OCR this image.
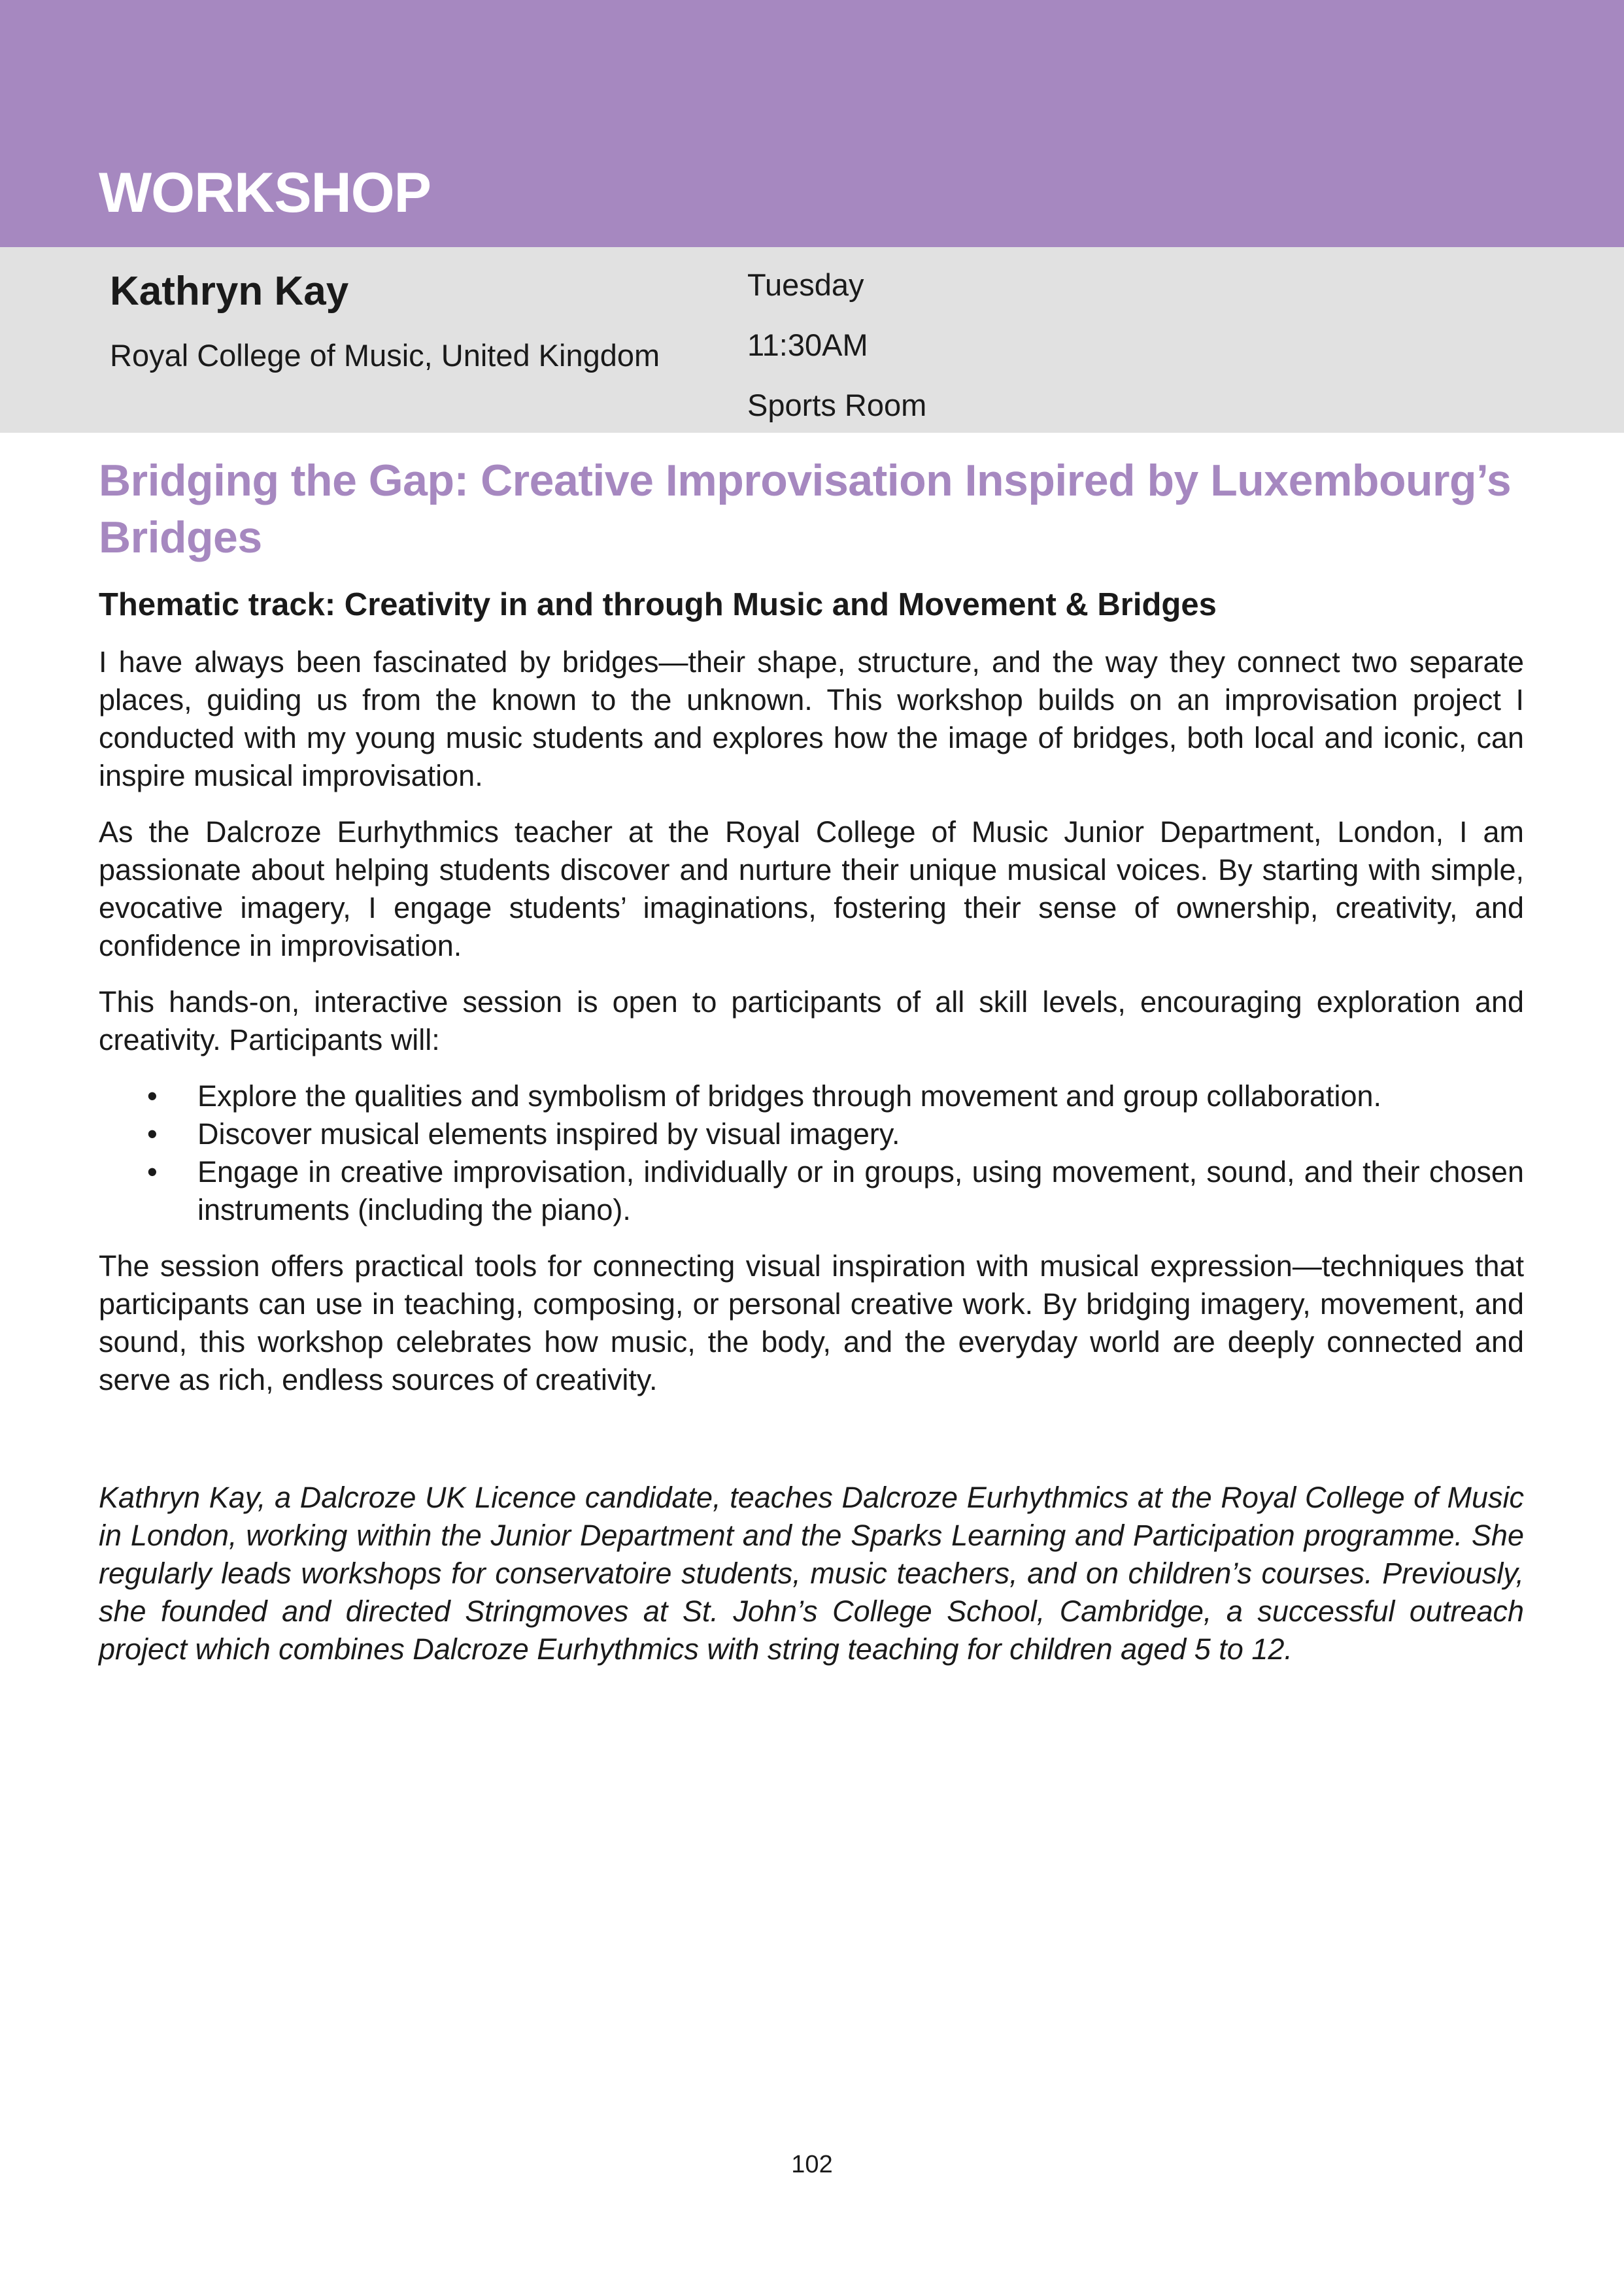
WORKSHOP
Kathryn Kay
Royal College of Music, United Kingdom
Tuesday
11:30AM
Sports Room
Bridging the Gap: Creative Improvisation Inspired by Luxembourg’s Bridges
Thematic track: Creativity in and through Music and Movement & Bridges

I have always been fascinated by bridges—their shape, structure, and the way they connect two separate places, guiding us from the known to the unknown. This workshop builds on an improvisation project I conducted with my young music students and explores how the image of bridges, both local and iconic, can inspire musical improvisation.

As the Dalcroze Eurhythmics teacher at the Royal College of Music Junior Department, London, I am passionate about helping students discover and nurture their unique musical voices. By starting with simple, evocative imagery, I engage students’ imaginations, fostering their sense of ownership, creativity, and confidence in improvisation.

This hands-on, interactive session is open to participants of all skill levels, encouraging exploration and creativity. Participants will:

• Explore the qualities and symbolism of bridges through movement and group collaboration.
• Discover musical elements inspired by visual imagery.
• Engage in creative improvisation, individually or in groups, using movement, sound, and their chosen instruments (including the piano).

The session offers practical tools for connecting visual inspiration with musical expression—techniques that participants can use in teaching, composing, or personal creative work. By bridging imagery, movement, and sound, this workshop celebrates how music, the body, and the everyday world are deeply connected and serve as rich, endless sources of creativity.

Kathryn Kay, a Dalcroze UK Licence candidate, teaches Dalcroze Eurhythmics at the Royal College of Music in London, working within the Junior Department and the Sparks Learning and Participation programme. She regularly leads workshops for conservatoire students, music teachers, and on children’s courses. Previously, she founded and directed Stringmoves at St. John’s College School, Cambridge, a successful outreach project which combines Dalcroze Eurhythmics with string teaching for children aged 5 to 12.

102
